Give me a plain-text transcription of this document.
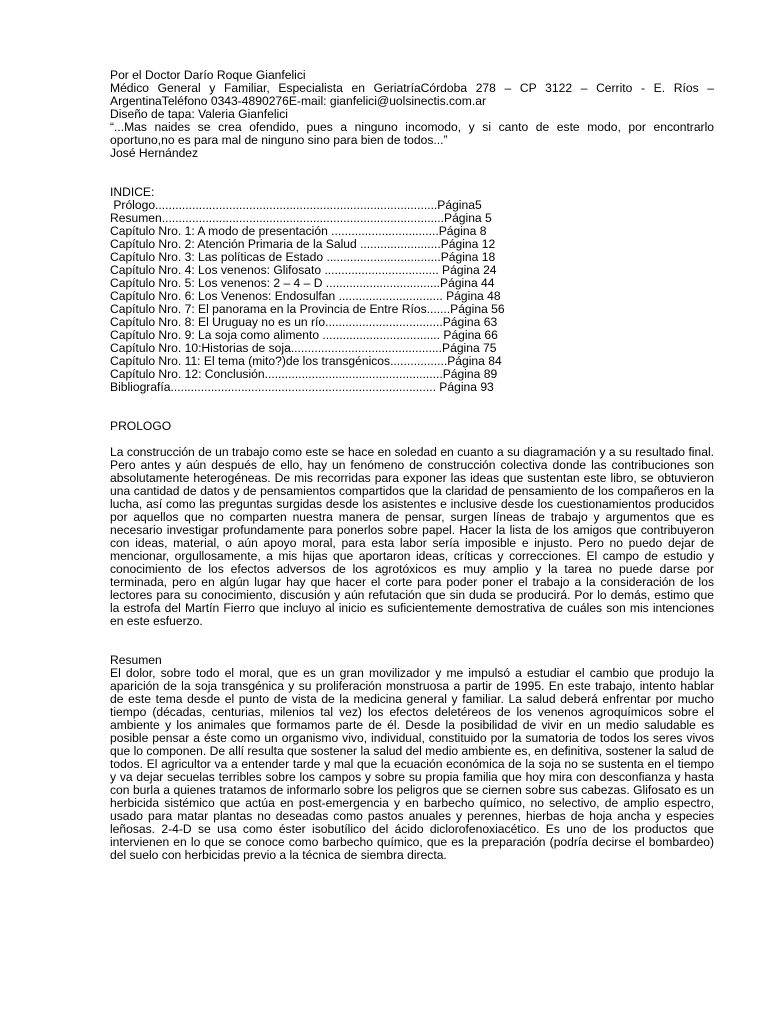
Por el Doctor Darío Roque Gianfelici
Médico General y Familiar, Especialista en GeriatríaCórdoba 278 – CP 3122 – Cerrito - E. Ríos – ArgentinaTeléfono 0343-4890276E-mail: gianfelici@uolsinectis.com.ar
Diseño de tapa: Valeria Gianfelici
“...Mas naides se crea ofendido, pues a ninguno incomodo, y si canto de este modo, por encontrarlo oportuno,no es para mal de ninguno sino para bien de todos...”
José Hernández
INDICE:
Prólogo....................................................................................Página5
Resumen....................................................................................Página 5
Capítulo Nro. 1: A modo de presentación ................................Página 8
Capítulo Nro. 2: Atención Primaria de la Salud ........................Página 12
Capítulo Nro. 3: Las políticas de Estado ..................................Página 18
Capítulo Nro. 4: Los venenos: Glifosato .................................. Página 24
Capítulo Nro. 5: Los venenos: 2 – 4 – D ..................................Página 44
Capítulo Nro. 6: Los Venenos: Endosulfan ............................... Página 48
Capítulo Nro. 7: El panorama en la Provincia de Entre Ríos.......Página 56
Capítulo Nro. 8: El Uruguay no es un río...................................Página 63
Capítulo Nro. 9: La soja como alimento ................................... Página 66
Capítulo Nro. 10:Historias de soja.............................................Página 75
Capítulo Nro. 11: El tema (mito?)de los transgénicos.................Página 84
Capítulo Nro. 12: Conclusión.....................................................Página 89
Bibliografía............................................................................... Página 93
PROLOGO
La construcción de un trabajo como este se hace en soledad en cuanto a su diagramación y a su resultado final. Pero antes y aún después de ello, hay un fenómeno de construcción colectiva donde las contribuciones son absolutamente heterogéneas. De mis recorridas para exponer las ideas que sustentan este libro, se obtuvieron una cantidad de datos y de pensamientos compartidos que la claridad de pensamiento de los compañeros en la lucha, así como las preguntas surgidas desde los asistentes e inclusive desde los cuestionamientos producidos por aquellos que no comparten nuestra manera de pensar, surgen líneas de trabajo y argumentos que es necesario investigar profundamente para ponerlos sobre papel. Hacer la lista de los amigos que contribuyeron con ideas, material, o aún apoyo moral, para esta labor sería imposible e injusto. Pero no puedo dejar de mencionar, orgullosamente, a mis hijas que aportaron ideas, críticas y correcciones. El campo de estudio y conocimiento de los efectos adversos de los agrotóxicos es muy amplio y la tarea no puede darse por terminada, pero en algún lugar hay que hacer el corte para poder poner el trabajo a la consideración de los lectores para su conocimiento, discusión y aún refutación que sin duda se producirá. Por lo demás, estimo que la estrofa del Martín Fierro que incluyo al inicio es suficientemente demostrativa de cuáles son mis intenciones en este esfuerzo.
Resumen
El dolor, sobre todo el moral, que es un gran movilizador y me impulsó a estudiar el cambio que produjo la aparición de la soja transgénica y su proliferación monstruosa a partir de 1995. En este trabajo, intento hablar de este tema desde el punto de vista de la medicina general y familiar. La salud deberá enfrentar por mucho tiempo (décadas, centurias, milenios tal vez) los efectos deletéreos de los venenos agroquímicos sobre el ambiente y los animales que formamos parte de él. Desde la posibilidad de vivir en un medio saludable es posible pensar a éste como un organismo vivo, individual, constituido por la sumatoria de todos los seres vivos que lo componen. De allí resulta que sostener la salud del medio ambiente es, en definitiva, sostener la salud de todos. El agricultor va a entender tarde y mal que la ecuación económica de la soja no se sustenta en el tiempo y va dejar secuelas terribles sobre los campos y sobre su propia familia que hoy mira con desconfianza y hasta con burla a quienes tratamos de informarlo sobre los peligros que se ciernen sobre sus cabezas. Glifosato es un herbicida sistémico que actúa en post-emergencia y en barbecho químico, no selectivo, de amplio espectro, usado para matar plantas no deseadas como pastos anuales y perennes, hierbas de hoja ancha y especies leñosas. 2-4-D se usa como éster isobutílico del ácido diclorofenoxiacético. Es uno de los productos que intervienen en lo que se conoce como barbecho químico, que es la preparación (podría decirse el bombardeo) del suelo con herbicidas previo a la técnica de siembra directa.
